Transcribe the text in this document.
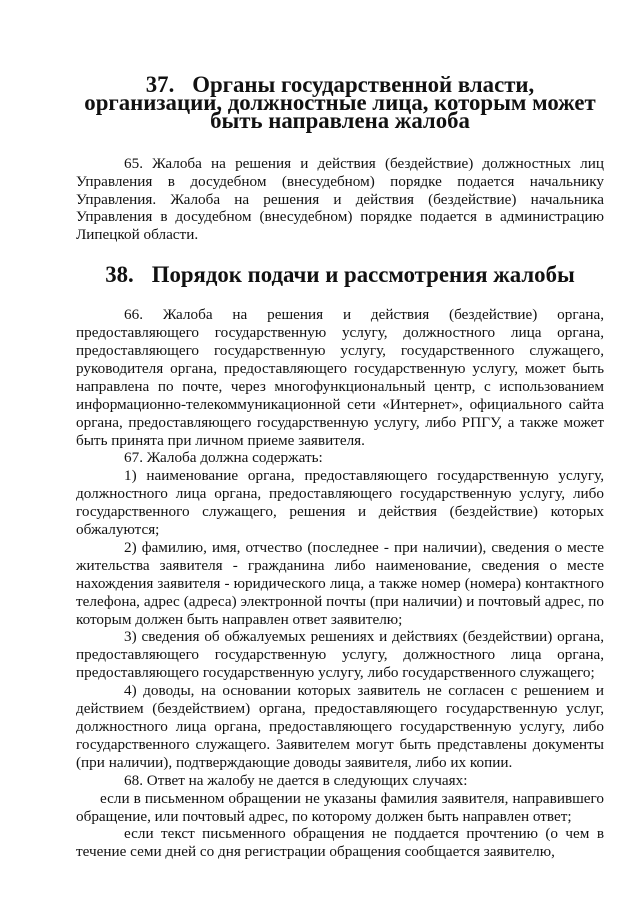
37. Органы государственной власти, организации, должностные лица, которым может быть направлена жалоба

65. Жалоба на решения и действия (бездействие) должностных лиц Управления в досудебном (внесудебном) порядке подается начальнику Управления. Жалоба на решения и действия (бездействие) начальника Управления в досудебном (внесудебном) порядке подается в администрацию Липецкой области.

38. Порядок подачи и рассмотрения жалобы

66. Жалоба на решения и действия (бездействие) органа, предоставляющего государственную услугу, должностного лица органа, предоставляющего государственную услугу, государственного служащего, руководителя органа, предоставляющего государственную услугу, может быть направлена по почте, через многофункциональный центр, с использованием информационно-телекоммуникационной сети «Интернет», официального сайта органа, предоставляющего государственную услугу, либо РПГУ, а также может быть принята при личном приеме заявителя.

67. Жалоба должна содержать:

1) наименование органа, предоставляющего государственную услугу, должностного лица органа, предоставляющего государственную услугу, либо государственного служащего, решения и действия (бездействие) которых обжалуются;

2) фамилию, имя, отчество (последнее - при наличии), сведения о месте жительства заявителя - гражданина либо наименование, сведения о месте нахождения заявителя - юридического лица, а также номер (номера) контактного телефона, адрес (адреса) электронной почты (при наличии) и почтовый адрес, по которым должен быть направлен ответ заявителю;

3) сведения об обжалуемых решениях и действиях (бездействии) органа, предоставляющего государственную услугу, должностного лица органа, предоставляющего государственную услугу, либо государственного служащего;

4) доводы, на основании которых заявитель не согласен с решением и действием (бездействием) органа, предоставляющего государственную услуг, должностного лица органа, предоставляющего государственную услугу, либо государственного служащего. Заявителем могут быть представлены документы (при наличии), подтверждающие доводы заявителя, либо их копии.

68. Ответ на жалобу не дается в следующих случаях:

если в письменном обращении не указаны фамилия заявителя, направившего обращение, или почтовый адрес, по которому должен быть направлен ответ;

если текст письменного обращения не поддается прочтению (о чем в течение семи дней со дня регистрации обращения сообщается заявителю,
